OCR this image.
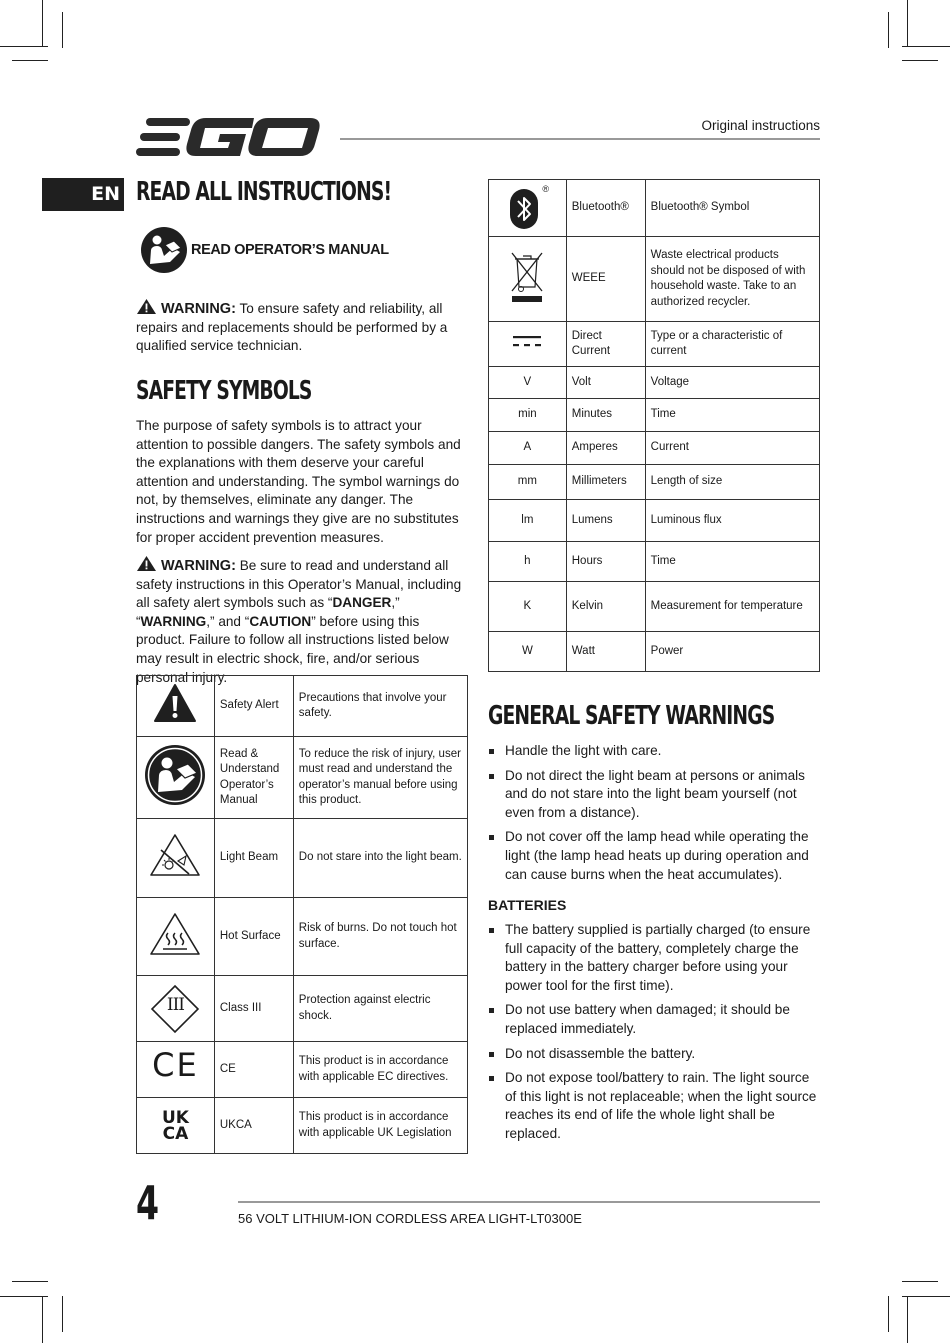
Original instructions
EN READ ALL INSTRUCTIONS!
READ OPERATOR’S MANUAL
WARNING: To ensure safety and reliability, all repairs and replacements should be performed by a qualified service technician.
SAFETY SYMBOLS
The purpose of safety symbols is to attract your attention to possible dangers. The safety symbols and the explanations with them deserve your careful attention and understanding. The symbol warnings do not, by themselves, eliminate any danger. The instructions and warnings they give are no substitutes for proper accident prevention measures.
WARNING: Be sure to read and understand all safety instructions in this Operator’s Manual, including all safety alert symbols such as “DANGER,” “WARNING,” and “CAUTION” before using this product. Failure to follow all instructions listed below may result in electric shock, fire, and/or serious personal injury.
	Safety Alert	Precautions that involve your safety.
	Read & Understand Operator’s Manual	To reduce the risk of injury, user must read and understand the operator’s manual before using this product.
	Light Beam	Do not stare into the light beam.
	Hot Surface	Risk of burns. Do not touch hot surface.

III	Class III	Protection against electric shock.
CE	CE	This product is in accordance with applicable EC directives.

UK
CA	UKCA	This product is in accordance with applicable UK Legislation
®	Bluetooth®	Bluetooth® Symbol
	WEEE	Waste electrical products should not be disposed of with household waste. Take to an authorized recycler.
	Direct Current	Type or a characteristic of current
V	Volt	Voltage
min	Minutes	Time
A	Amperes	Current
mm	Millimeters	Length of size
lm	Lumens	Luminous flux
h	Hours	Time
K	Kelvin	Measurement for temperature
W	Watt	Power
GENERAL SAFETY WARNINGS
Handle the light with care.
Do not direct the light beam at persons or animals and do not stare into the light beam yourself (not even from a distance).
Do not cover off the lamp head while operating the light (the lamp head heats up during operation and can cause burns when the heat accumulates).
BATTERIES
The battery supplied is partially charged (to ensure full capacity of the battery, completely charge the battery in the battery charger before using your power tool for the first time).
Do not use battery when damaged; it should be replaced immediately.
Do not disassemble the battery.
Do not expose tool/battery to rain. The light source of this light is not replaceable; when the light source reaches its end of life the whole light shall be replaced.
4	56 VOLT LITHIUM-ION CORDLESS AREA LIGHT-LT0300E
